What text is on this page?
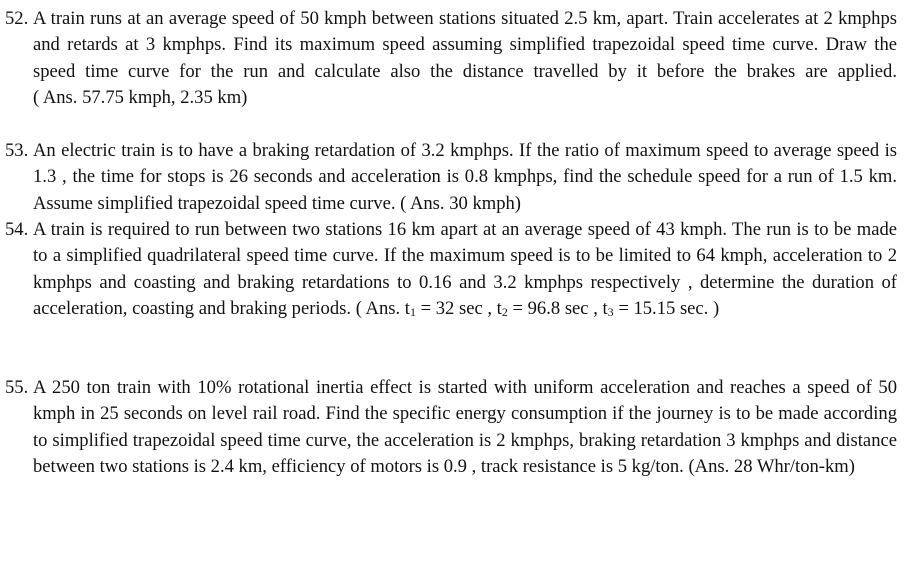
52. A train runs at an average speed of 50 kmph between stations situated 2.5 km, apart. Train accelerates at 2 kmphps and retards at 3 kmphps. Find its maximum speed assuming simplified trapezoidal speed time curve. Draw the speed time curve for the run and calculate also the distance travelled by it before the brakes are applied. ( Ans. 57.75 kmph, 2.35 km)
53. An electric train is to have a braking retardation of 3.2 kmphps. If the ratio of maximum speed to average speed is 1.3 , the time for stops is 26 seconds and acceleration is 0.8 kmphps, find the schedule speed for a run of 1.5 km. Assume simplified trapezoidal speed time curve. ( Ans. 30 kmph)
54. A train is required to run between two stations 16 km apart at an average speed of 43 kmph. The run is to be made to a simplified quadrilateral speed time curve. If the maximum speed is to be limited to 64 kmph, acceleration to 2 kmphps and coasting and braking retardations to 0.16 and 3.2 kmphps respectively , determine the duration of acceleration, coasting and braking periods. ( Ans. $t_1 = 32$ sec , $t_2 = 96.8$ sec , $t_3 = 15.15$ sec. )
55. A 250 ton train with 10% rotational inertia effect is started with uniform acceleration and reaches a speed of 50 kmph in 25 seconds on level rail road. Find the specific energy consumption if the journey is to be made according to simplified trapezoidal speed time curve, the acceleration is 2 kmphps, braking retardation 3 kmphps and distance between two stations is 2.4 km, efficiency of motors is 0.9 , track resistance is 5 kg/ton. (Ans. 28 Whr/ton-km)
